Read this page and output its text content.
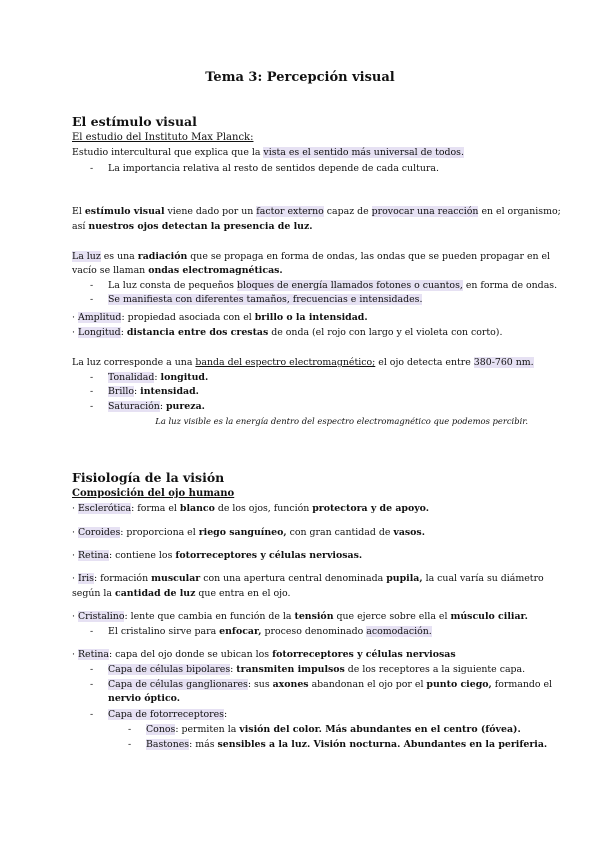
Tema 3: Percepción visual
El estímulo visual
El estudio del Instituto Max Planck:
Estudio intercultural que explica que la vista es el sentido más universal de todos.
- La importancia relativa al resto de sentidos depende de cada cultura.
El estímulo visual viene dado por un factor externo capaz de provocar una reacción en el organismo;
así nuestros ojos detectan la presencia de luz.
La luz es una radiación que se propaga en forma de ondas, las ondas que se pueden propagar en el
vacío se llaman ondas electromagnéticas.
- La luz consta de pequeños bloques de energía llamados fotones o cuantos, en forma de ondas.
- Se manifiesta con diferentes tamaños, frecuencias e intensidades.
· Amplitud: propiedad asociada con el brillo o la intensidad.
· Longitud: distancia entre dos crestas de onda (el rojo con largo y el violeta con corto).
La luz corresponde a una banda del espectro electromagnético; el ojo detecta entre 380-760 nm.
- Tonalidad: longitud.
- Brillo: intensidad.
- Saturación: pureza.
La luz visible es la energía dentro del espectro electromagnético que podemos percibir.
Fisiología de la visión
Composición del ojo humano
· Esclerótica: forma el blanco de los ojos, función protectora y de apoyo.
· Coroides: proporciona el riego sanguíneo, con gran cantidad de vasos.
· Retina: contiene los fotorreceptores y células nerviosas.
· Iris: formación muscular con una apertura central denominada pupila, la cual varía su diámetro
según la cantidad de luz que entra en el ojo.
· Cristalino: lente que cambia en función de la tensión que ejerce sobre ella el músculo ciliar.
- El cristalino sirve para enfocar, proceso denominado acomodación.
· Retina: capa del ojo donde se ubican los fotorreceptores y células nerviosas
- Capa de células bipolares: transmiten impulsos de los receptores a la siguiente capa.
- Capa de células ganglionares: sus axones abandonan el ojo por el punto ciego, formando el
nervio óptico.
- Capa de fotorreceptores:
- Conos: permiten la visión del color. Más abundantes en el centro (fóvea).
- Bastones: más sensibles a la luz. Visión nocturna. Abundantes en la periferia.
